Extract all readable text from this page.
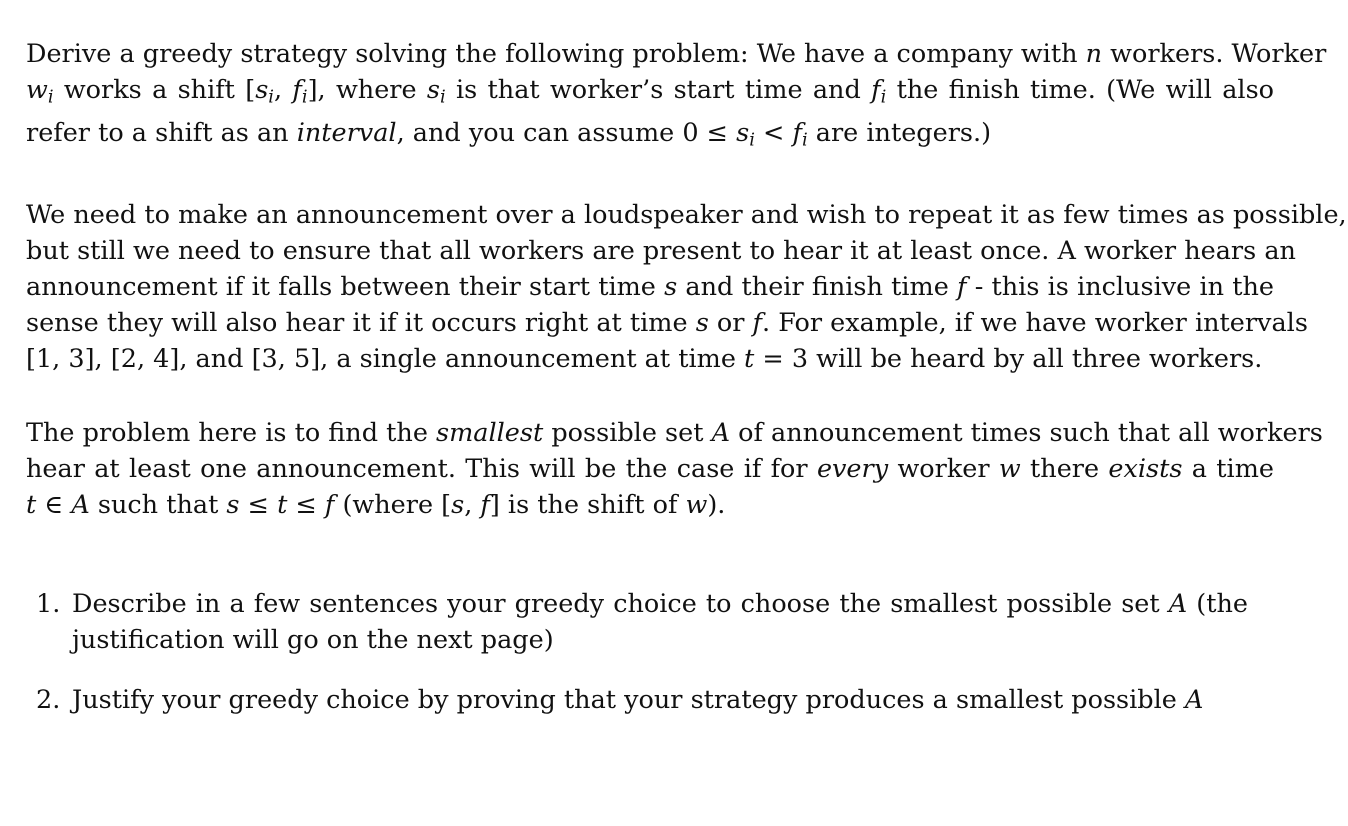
Derive a greedy strategy solving the following problem: We have a company with n workers. Worker
$w_i$ works a shift [$s_i$, $f_i$], where $s_i$ is that worker’s start time and $f_i$ the finish time. (We will also
refer to a shift as an interval, and you can assume $0 \le s_i < f_i$ are integers.)

We need to make an announcement over a loudspeaker and wish to repeat it as few times as possible,
but still we need to ensure that all workers are present to hear it at least once. A worker hears an
announcement if it falls between their start time s and their finish time f - this is inclusive in the
sense they will also hear it if it occurs right at time s or f. For example, if we have worker intervals
[1, 3], [2, 4], and [3, 5], a single announcement at time t = 3 will be heard by all three workers.

The problem here is to find the smallest possible set A of announcement times such that all workers
hear at least one announcement. This will be the case if for every worker w there exists a time
t ∈ A such that s ≤ t ≤ f (where [s, f] is the shift of w).

1. Describe in a few sentences your greedy choice to choose the smallest possible set A (the
justification will go on the next page)
2. Justify your greedy choice by proving that your strategy produces a smallest possible A
